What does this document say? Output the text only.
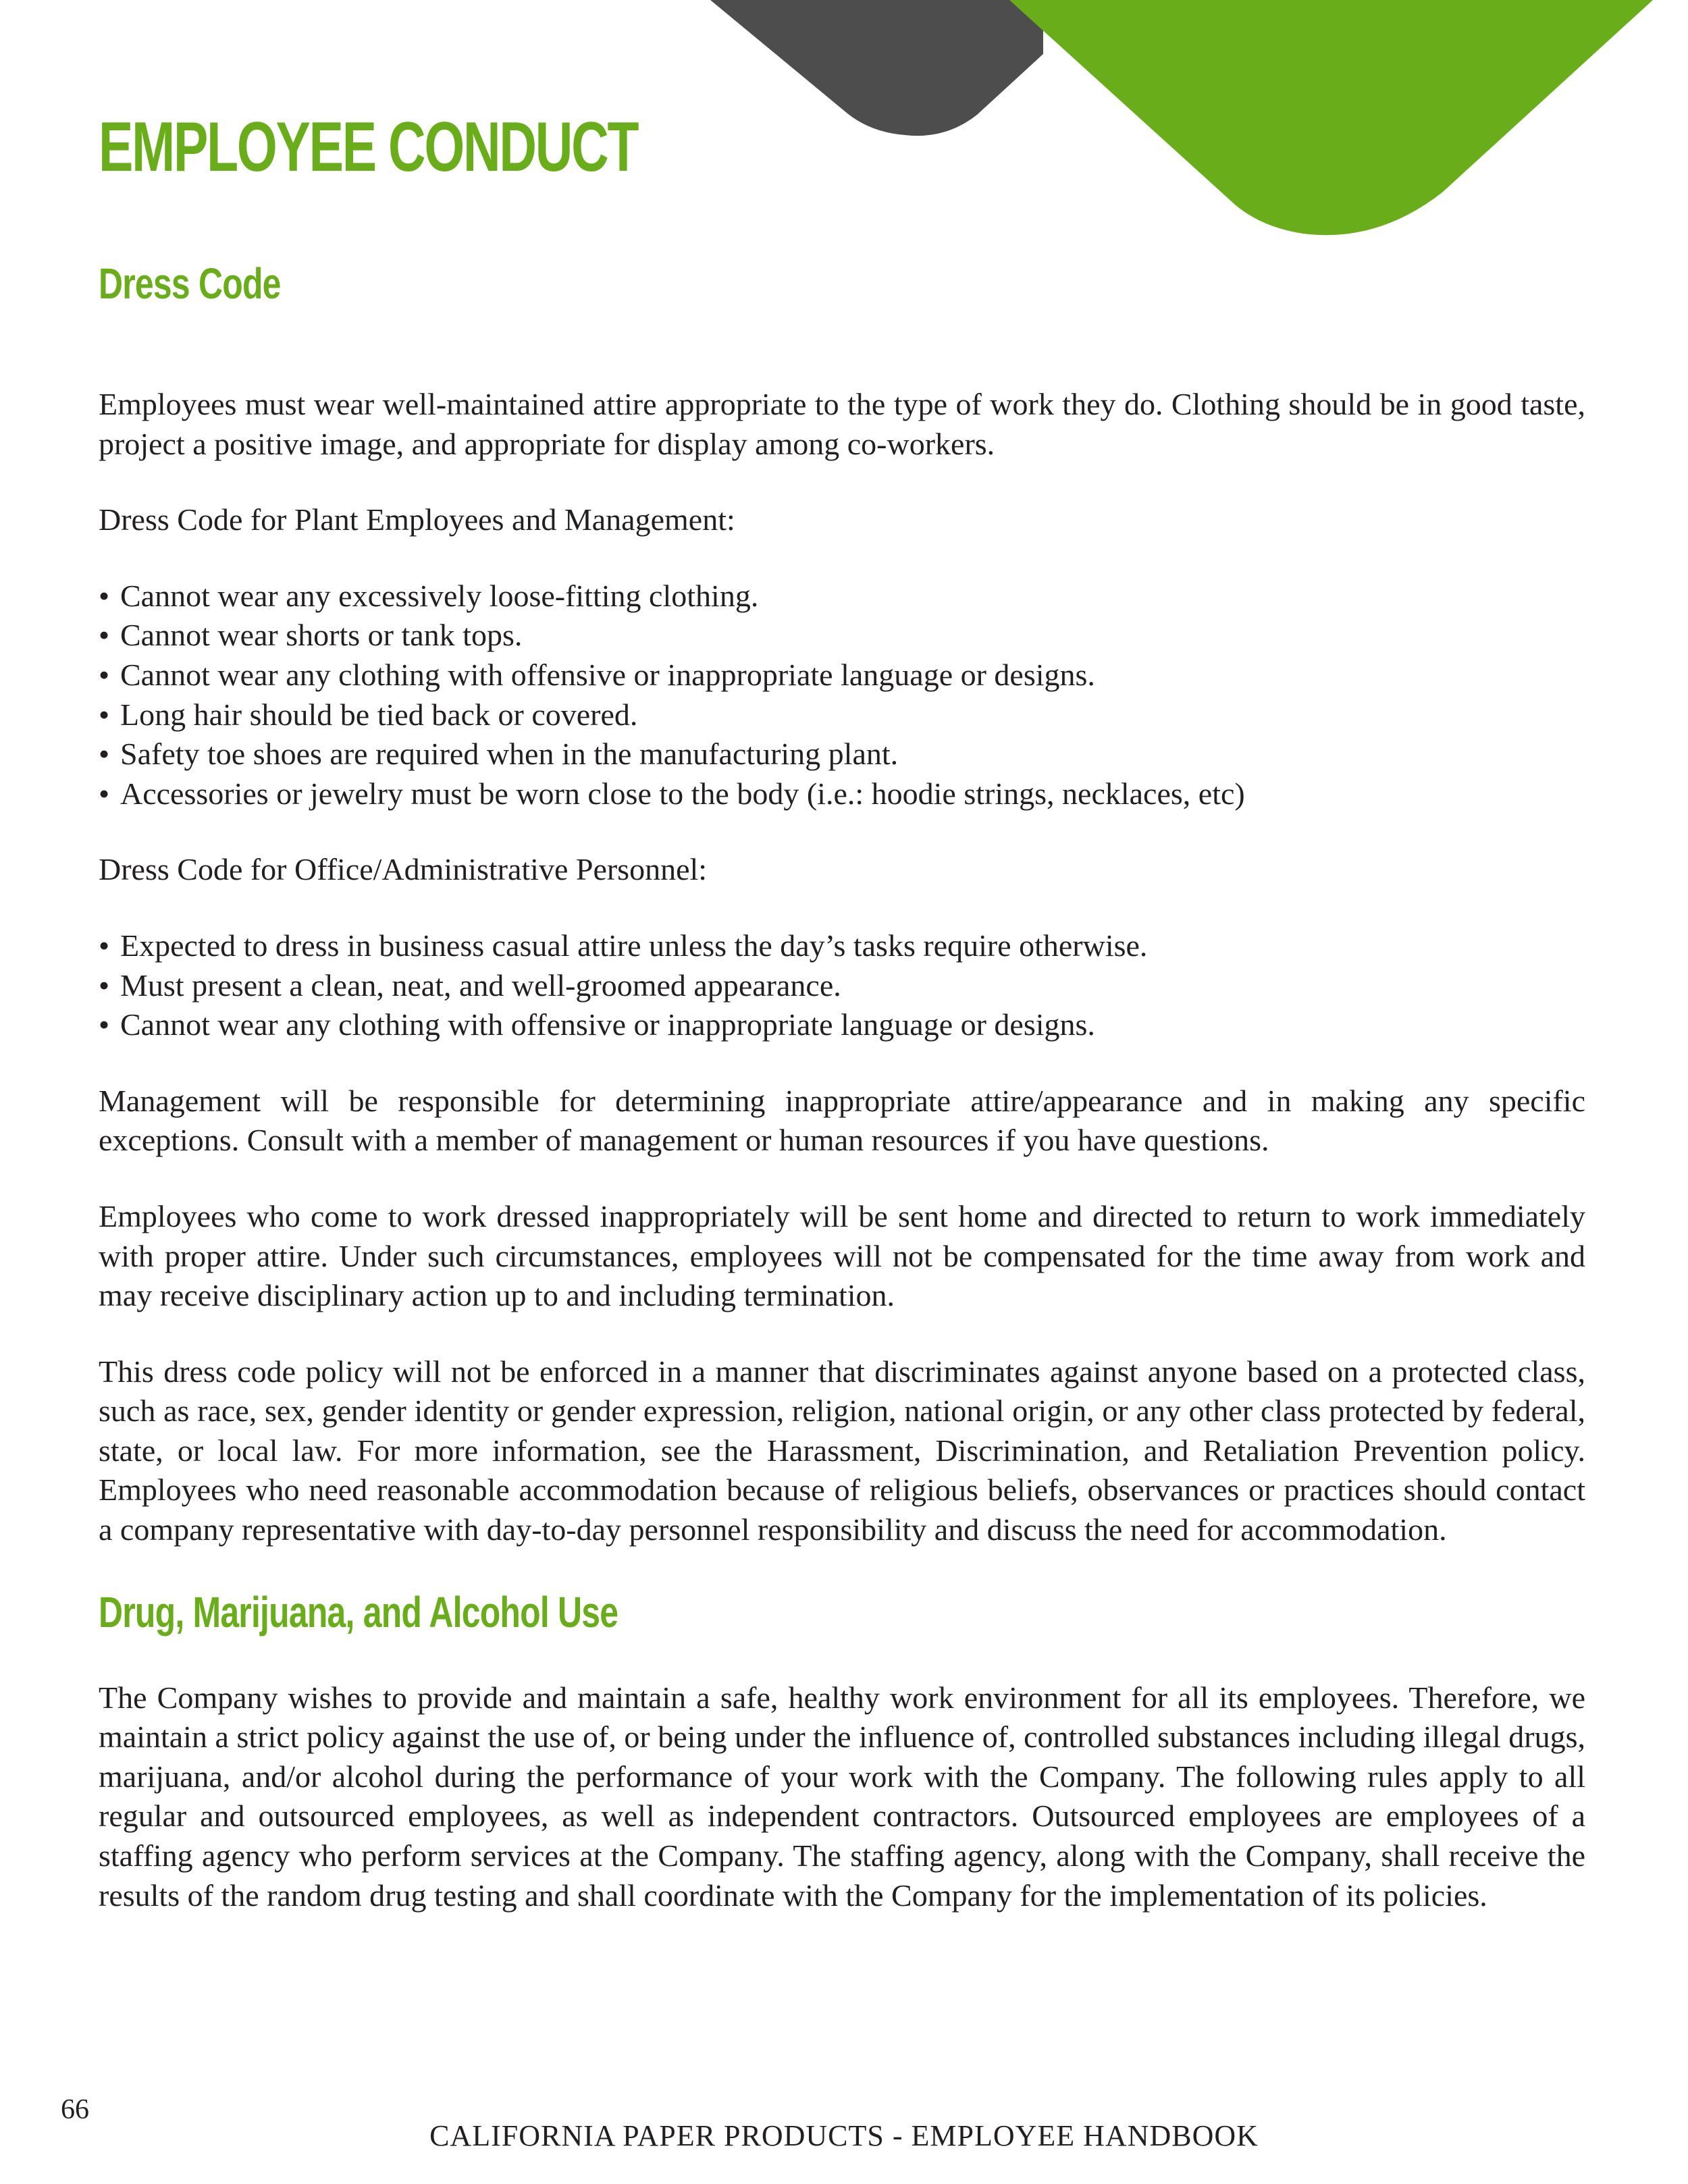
EMPLOYEE CONDUCT
Dress Code

Employees must wear well-maintained attire appropriate to the type of work they do. Clothing should be in good taste, project a positive image, and appropriate for display among co-workers.

Dress Code for Plant Employees and Management:

• Cannot wear any excessively loose-fitting clothing.
• Cannot wear shorts or tank tops.
• Cannot wear any clothing with offensive or inappropriate language or designs.
• Long hair should be tied back or covered.
• Safety toe shoes are required when in the manufacturing plant.
• Accessories or jewelry must be worn close to the body (i.e.: hoodie strings, necklaces, etc)

Dress Code for Office/Administrative Personnel:

• Expected to dress in business casual attire unless the day’s tasks require otherwise.
• Must present a clean, neat, and well-groomed appearance.
• Cannot wear any clothing with offensive or inappropriate language or designs.

Management will be responsible for determining inappropriate attire/appearance and in making any specific exceptions. Consult with a member of management or human resources if you have questions.

Employees who come to work dressed inappropriately will be sent home and directed to return to work immediately with proper attire. Under such circumstances, employees will not be compensated for the time away from work and may receive disciplinary action up to and including termination.

This dress code policy will not be enforced in a manner that discriminates against anyone based on a protected class, such as race, sex, gender identity or gender expression, religion, national origin, or any other class protected by federal, state, or local law. For more information, see the Harassment, Discrimination, and Retaliation Prevention policy. Employees who need reasonable accommodation because of religious beliefs, observances or practices should contact a company representative with day-to-day personnel responsibility and discuss the need for accommodation.

Drug, Marijuana, and Alcohol Use

The Company wishes to provide and maintain a safe, healthy work environment for all its employees. Therefore, we maintain a strict policy against the use of, or being under the influence of, controlled substances including illegal drugs, marijuana, and/or alcohol during the performance of your work with the Company. The following rules apply to all regular and outsourced employees, as well as independent contractors. Outsourced employees are employees of a staffing agency who perform services at the Company. The staffing agency, along with the Company, shall receive the results of the random drug testing and shall coordinate with the Company for the implementation of its policies.

66
CALIFORNIA PAPER PRODUCTS - EMPLOYEE HANDBOOK
